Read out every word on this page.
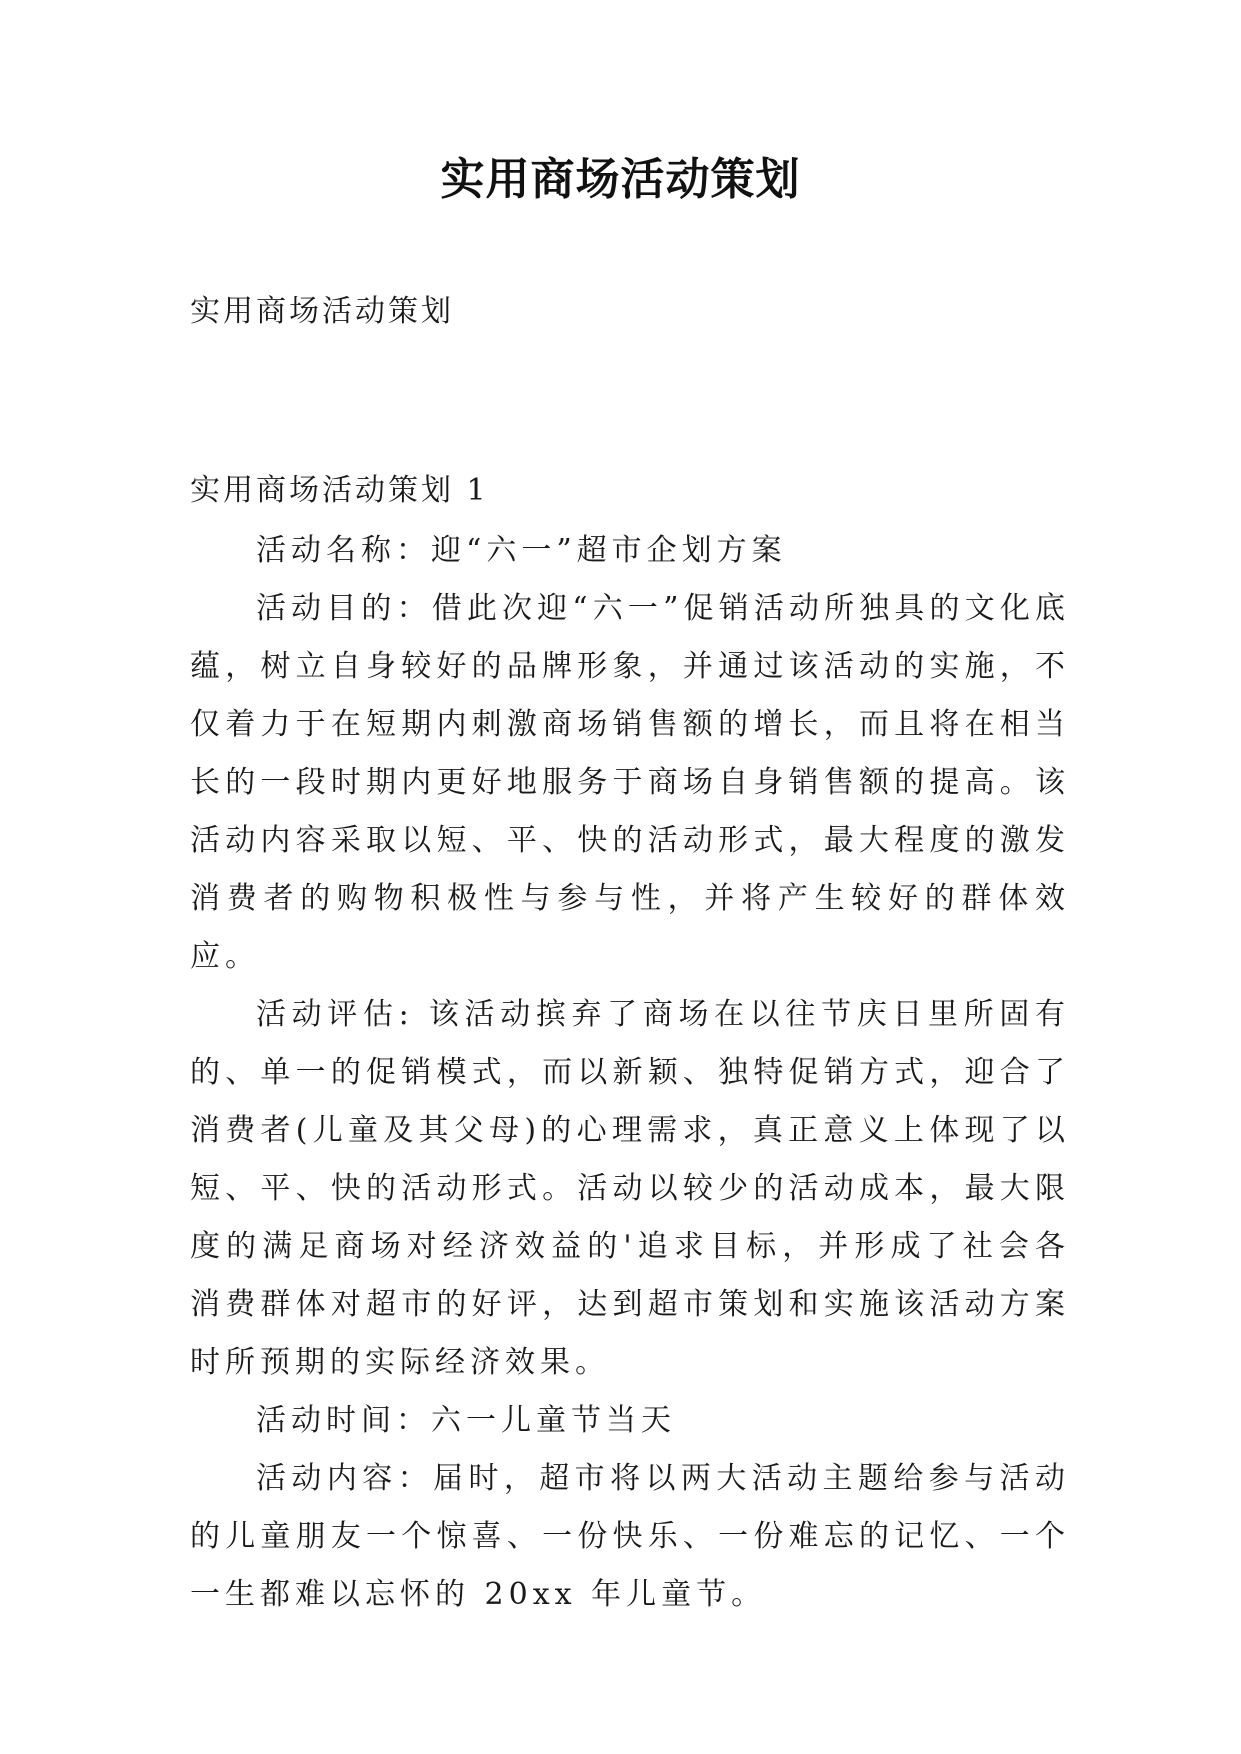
实用商场活动策划
实用商场活动策划
实用商场活动策划 1

活动名称：迎“六一”超市企划方案

活动目的：借此次迎“六一”促销活动所独具的文化底蕴，树立自身较好的品牌形象，并通过该活动的实施，不仅着力于在短期内刺激商场销售额的增长，而且将在相当长的一段时期内更好地服务于商场自身销售额的提高。该活动内容采取以短、平、快的活动形式，最大程度的激发消费者的购物积极性与参与性，并将产生较好的群体效应。

活动评估: 该活动摈弃了商场在以往节庆日里所固有的、单一的促销模式，而以新颖、独特促销方式，迎合了消费者(儿童及其父母)的心理需求，真正意义上体现了以短、平、快的活动形式。活动以较少的活动成本，最大限度的满足商场对经济效益的'追求目标，并形成了社会各消费群体对超市的好评，达到超市策划和实施该活动方案时所预期的实际经济效果。

活动时间：六一儿童节当天

活动内容：届时，超市将以两大活动主题给参与活动的儿童朋友一个惊喜、一份快乐、一份难忘的记忆、一个一生都难以忘怀的 20xx 年儿童节。
